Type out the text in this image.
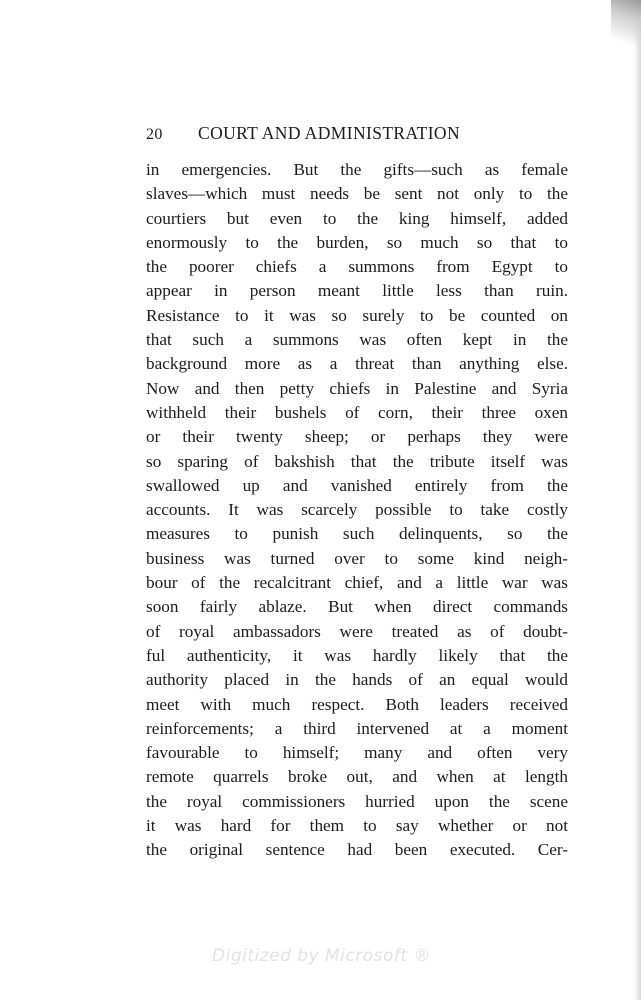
20 COURT AND ADMINISTRATION
in emergencies. But the gifts—such as female
slaves—which must needs be sent not only to the
courtiers but even to the king himself, added
enormously to the burden, so much so that to
the poorer chiefs a summons from Egypt to
appear in person meant little less than ruin.
Resistance to it was so surely to be counted on
that such a summons was often kept in the
background more as a threat than anything else.
Now and then petty chiefs in Palestine and Syria
withheld their bushels of corn, their three oxen
or their twenty sheep; or perhaps they were
so sparing of bakshish that the tribute itself was
swallowed up and vanished entirely from the
accounts. It was scarcely possible to take costly
measures to punish such delinquents, so the
business was turned over to some kind neigh-
bour of the recalcitrant chief, and a little war was
soon fairly ablaze. But when direct commands
of royal ambassadors were treated as of doubt-
ful authenticity, it was hardly likely that the
authority placed in the hands of an equal would
meet with much respect. Both leaders received
reinforcements; a third intervened at a moment
favourable to himself; many and often very
remote quarrels broke out, and when at length
the royal commissioners hurried upon the scene
it was hard for them to say whether or not
the original sentence had been executed. Cer-
Digitized by Microsoft ®
